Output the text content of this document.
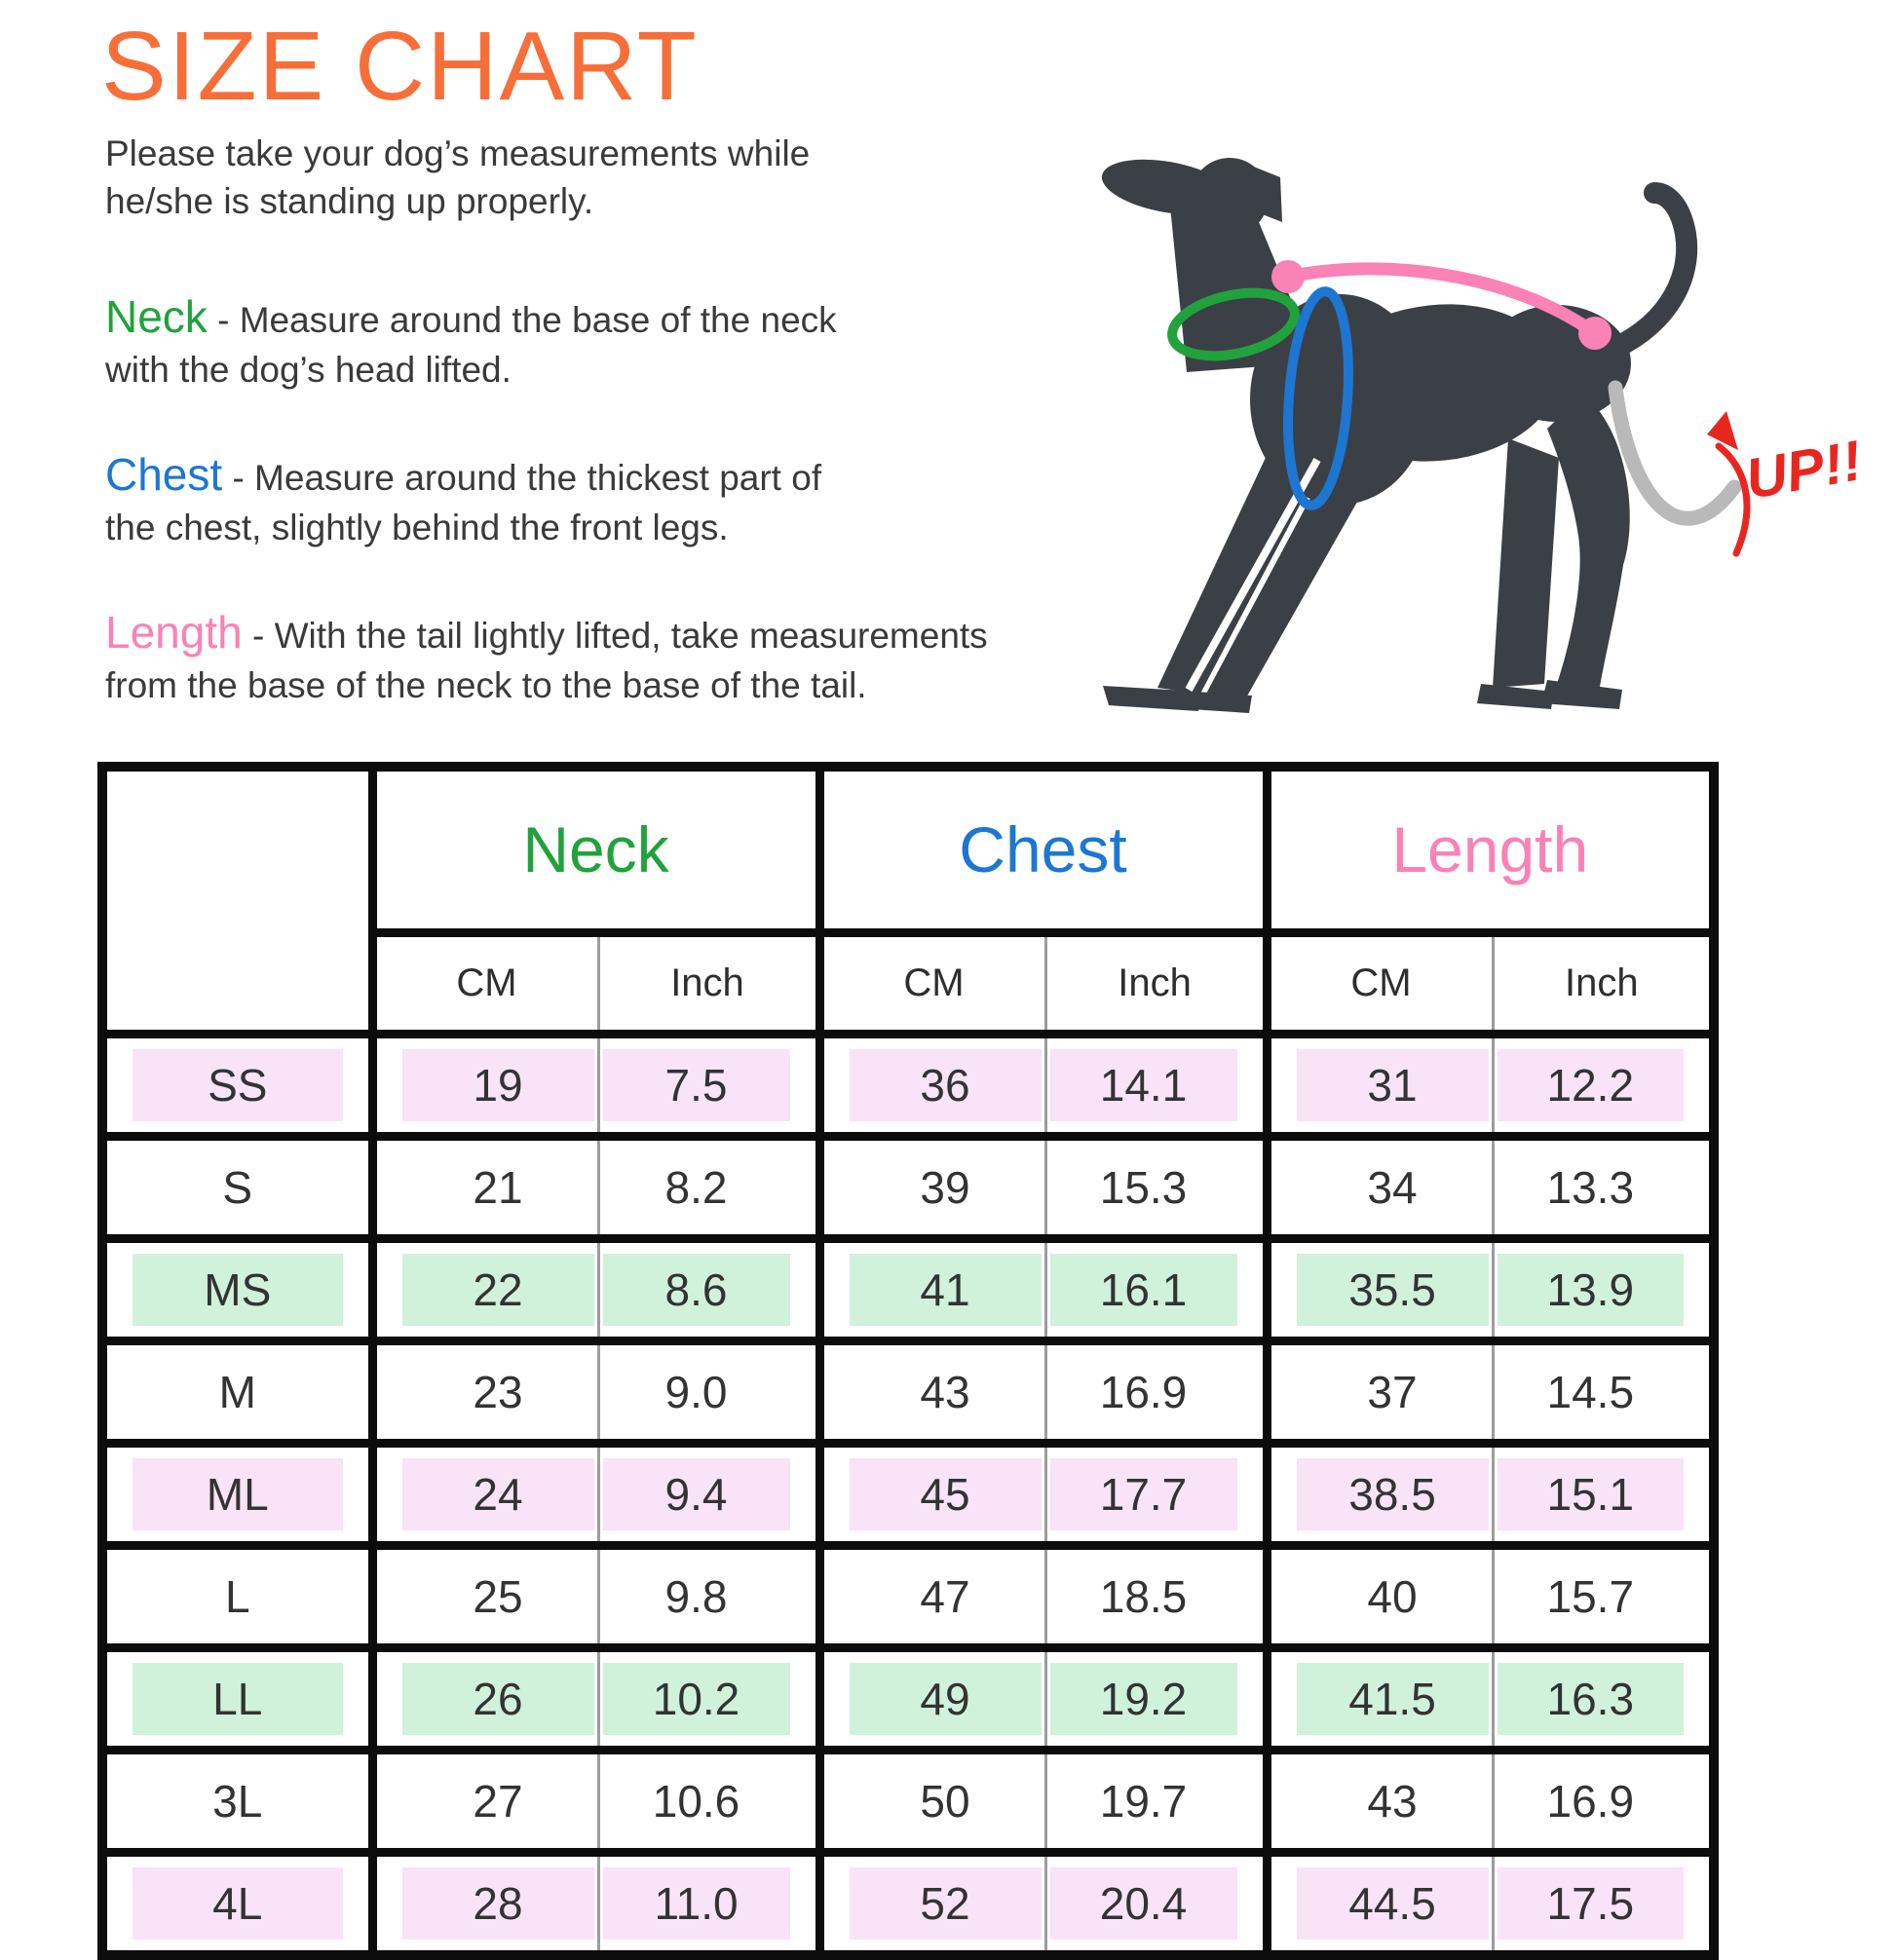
SIZE CHART
Please take your dog’s measurements while
he/she is standing up properly.
Neck - Measure around the base of the neck
with the dog’s head lifted.
Chest - Measure around the thickest part of
the chest, slightly behind the front legs.
Length - With the tail lightly lifted, take measurements
from the base of the neck to the base of the tail.
UP!!
	Neck		Chest		Length	
	CM	Inch	CM	Inch	CM	Inch

SS	19	7.5	36	14.1	31	12.2

S	21	8.2	39	15.3	34	13.3

MS	22	8.6	41	16.1	35.5	13.9

M	23	9.0	43	16.9	37	14.5

ML	24	9.4	45	17.7	38.5	15.1

L	25	9.8	47	18.5	40	15.7

LL	26	10.2	49	19.2	41.5	16.3

3L	27	10.6	50	19.7	43	16.9

4L	28	11.0	52	20.4	44.5	17.5
